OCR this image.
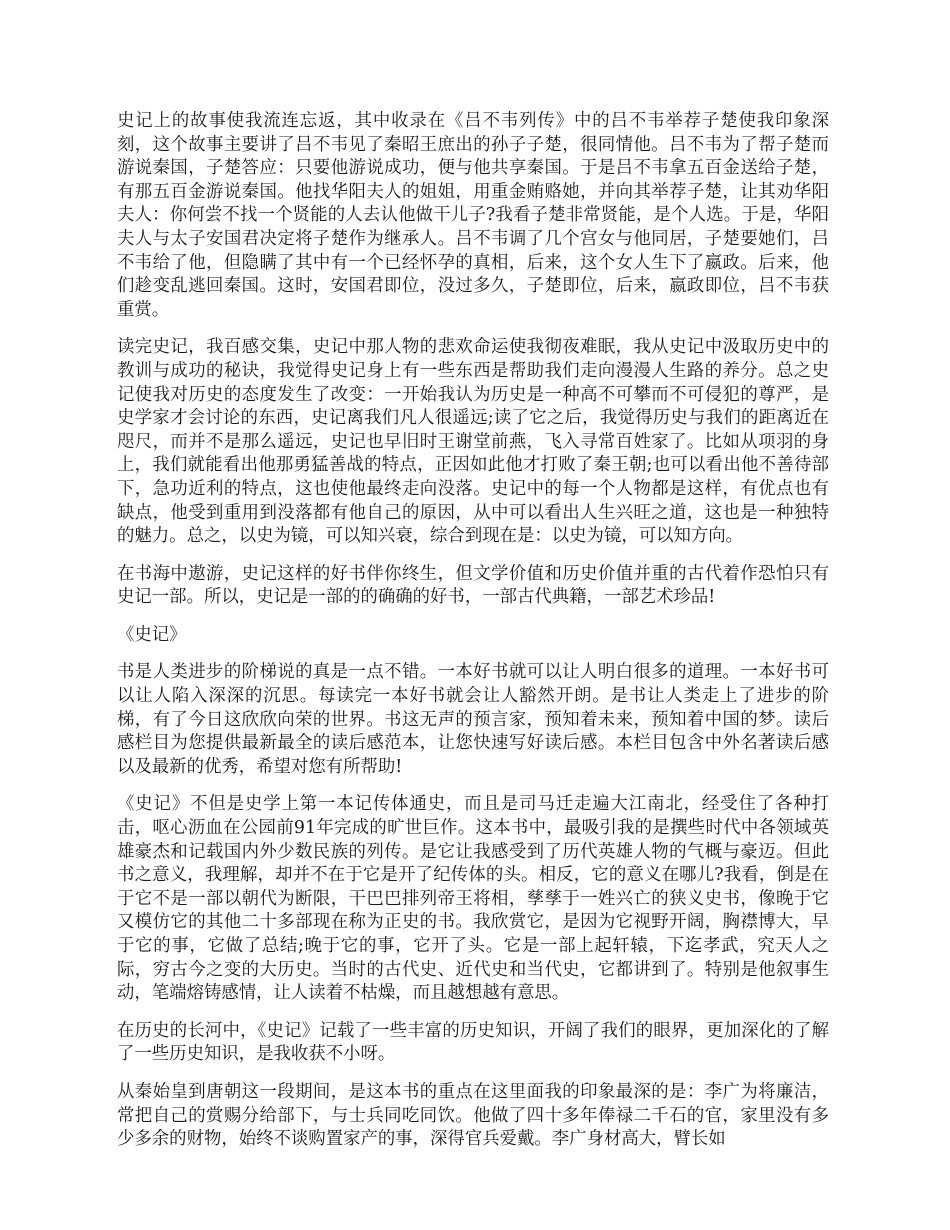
史记上的故事使我流连忘返，其中收录在《吕不韦列传》中的吕不韦举荐子楚使我印象深刻，这个故事主要讲了吕不韦见了秦昭王庶出的孙子子楚，很同情他。吕不韦为了帮子楚而游说秦国，子楚答应：只要他游说成功，便与他共享秦国。于是吕不韦拿五百金送给子楚，有那五百金游说秦国。他找华阳夫人的姐姐，用重金贿赂她，并向其举荐子楚，让其劝华阳夫人：你何尝不找一个贤能的人去认他做干儿子?我看子楚非常贤能，是个人选。于是，华阳夫人与太子安国君决定将子楚作为继承人。吕不韦调了几个宫女与他同居，子楚要她们，吕不韦给了他，但隐瞒了其中有一个已经怀孕的真相，后来，这个女人生下了嬴政。后来，他们趁变乱逃回秦国。这时，安国君即位，没过多久，子楚即位，后来，嬴政即位，吕不韦获重赏。

读完史记，我百感交集，史记中那人物的悲欢命运使我彻夜难眠，我从史记中汲取历史中的教训与成功的秘诀，我觉得史记身上有一些东西是帮助我们走向漫漫人生路的养分。总之史记使我对历史的态度发生了改变：一开始我认为历史是一种高不可攀而不可侵犯的尊严，是史学家才会讨论的东西，史记离我们凡人很遥远;读了它之后，我觉得历史与我们的距离近在咫尺，而并不是那么遥远，史记也早旧时王谢堂前燕，飞入寻常百姓家了。比如从项羽的身上，我们就能看出他那勇猛善战的特点，正因如此他才打败了秦王朝;也可以看出他不善待部下，急功近利的特点，这也使他最终走向没落。史记中的每一个人物都是这样，有优点也有缺点，他受到重用到没落都有他自己的原因，从中可以看出人生兴旺之道，这也是一种独特的魅力。总之，以史为镜，可以知兴衰，综合到现在是：以史为镜，可以知方向。

在书海中遨游，史记这样的好书伴你终生，但文学价值和历史价值并重的古代着作恐怕只有史记一部。所以，史记是一部的的确确的好书，一部古代典籍，一部艺术珍品!

《史记》

书是人类进步的阶梯说的真是一点不错。一本好书就可以让人明白很多的道理。一本好书可以让人陷入深深的沉思。每读完一本好书就会让人豁然开朗。是书让人类走上了进步的阶梯，有了今日这欣欣向荣的世界。书这无声的预言家，预知着未来，预知着中国的梦。读后感栏目为您提供最新最全的读后感范本，让您快速写好读后感。本栏目包含中外名著读后感以及最新的优秀，希望对您有所帮助!

《史记》不但是史学上第一本记传体通史，而且是司马迁走遍大江南北，经受住了各种打击，呕心沥血在公园前91年完成的旷世巨作。这本书中，最吸引我的是撰些时代中各领域英雄豪杰和记载国内外少数民族的列传。是它让我感受到了历代英雄人物的气概与豪迈。但此书之意义，我理解，却并不在于它是开了纪传体的头。相反，它的意义在哪儿?我看，倒是在于它不是一部以朝代为断限，干巴巴排列帝王将相，孳孳于一姓兴亡的狭义史书，像晚于它又模仿它的其他二十多部现在称为正史的书。我欣赏它，是因为它视野开阔，胸襟博大，早于它的事，它做了总结;晚于它的事，它开了头。它是一部上起轩辕，下迄孝武，究天人之际，穷古今之变的大历史。当时的古代史、近代史和当代史，它都讲到了。特别是他叙事生动，笔端熔铸感情，让人读着不枯燥，而且越想越有意思。

在历史的长河中，《史记》记载了一些丰富的历史知识，开阔了我们的眼界，更加深化的了解了一些历史知识，是我收获不小呀。

从秦始皇到唐朝这一段期间，是这本书的重点在这里面我的印象最深的是：李广为将廉洁，常把自己的赏赐分给部下，与士兵同吃同饮。他做了四十多年俸禄二千石的官，家里没有多少多余的财物，始终不谈购置家产的事，深得官兵爱戴。李广身材高大，臂长如
